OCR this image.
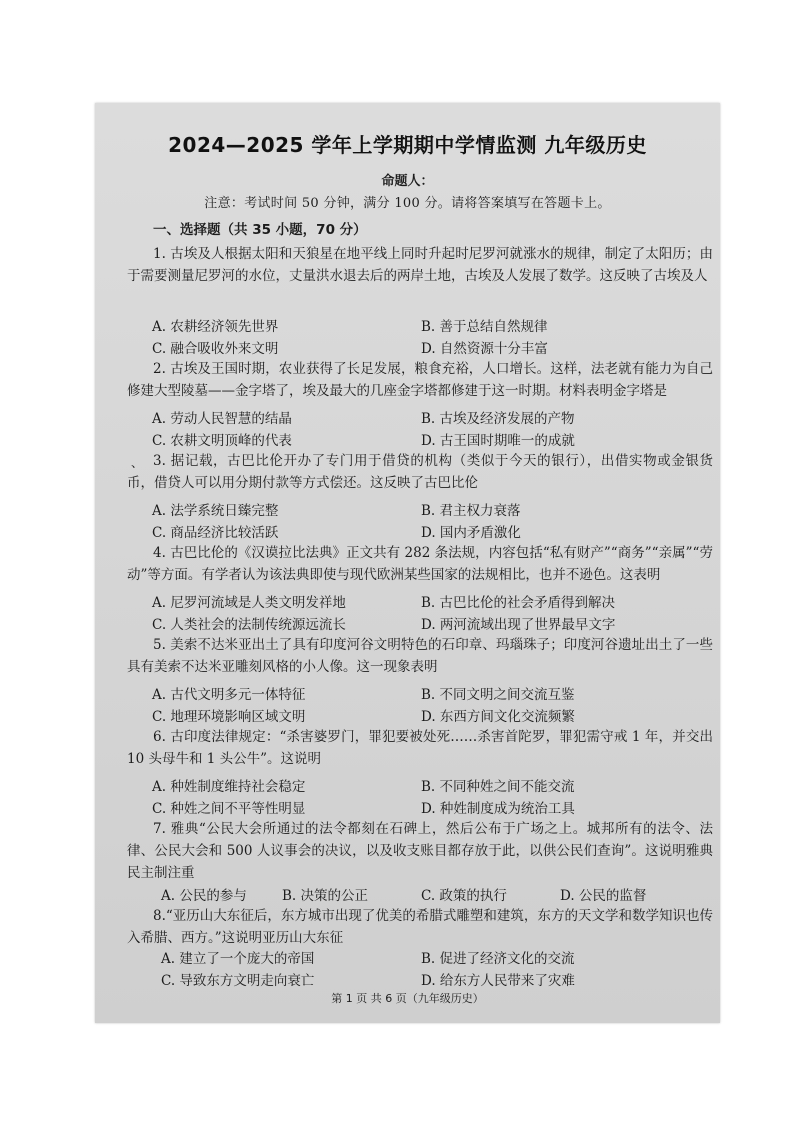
2024—2025 学年上学期期中学情监测 九年级历史
命题人：
注意：考试时间 50 分钟，满分 100 分。请将答案填写在答题卡上。
一、选择题（共 35 小题，70 分）

1. 古埃及人根据太阳和天狼星在地平线上同时升起时尼罗河就涨水的规律，制定了太阳历；由于需要测量尼罗河的水位，丈量洪水退去后的两岸土地，古埃及人发展了数学。这反映了古埃及人

A. 农耕经济领先世界	B. 善于总结自然规律
C. 融合吸收外来文明	D. 自然资源十分丰富

2. 古埃及王国时期，农业获得了长足发展，粮食充裕，人口增长。这样，法老就有能力为自己修建大型陵墓——金字塔了，埃及最大的几座金字塔都修建于这一时期。材料表明金字塔是

A. 劳动人民智慧的结晶	B. 古埃及经济发展的产物
C. 农耕文明顶峰的代表	D. 古王国时期唯一的成就
、 3. 据记载，古巴比伦开办了专门用于借贷的机构（类似于今天的银行），出借实物或金银货币，借贷人可以用分期付款等方式偿还。这反映了古巴比伦

A. 法学系统日臻完整	B. 君主权力衰落
C. 商品经济比较活跃	D. 国内矛盾激化

4. 古巴比伦的《汉谟拉比法典》正文共有 282 条法规，内容包括“私有财产”“商务”“亲属”“劳动”等方面。有学者认为该法典即使与现代欧洲某些国家的法规相比，也并不逊色。这表明

A. 尼罗河流域是人类文明发祥地	B. 古巴比伦的社会矛盾得到解决
C. 人类社会的法制传统源远流长	D. 两河流域出现了世界最早文字

5. 美索不达米亚出土了具有印度河谷文明特色的石印章、玛瑙珠子；印度河谷遗址出土了一些具有美索不达米亚雕刻风格的小人像。这一现象表明

A. 古代文明多元一体特征	B. 不同文明之间交流互鉴
C. 地理环境影响区域文明	D. 东西方间文化交流频繁

6. 古印度法律规定：“杀害婆罗门，罪犯要被处死……杀害首陀罗，罪犯需守戒 1 年，并交出 10 头母牛和 1 头公牛”。这说明

A. 种姓制度维持社会稳定	B. 不同种姓之间不能交流
C. 种姓之间不平等性明显	D. 种姓制度成为统治工具

7. 雅典“公民大会所通过的法令都刻在石碑上，然后公布于广场之上。城邦所有的法令、法律、公民大会和 500 人议事会的决议，以及收支账目都存放于此，以供公民们查询”。这说明雅典民主制注重

A. 公民的参与	B. 决策的公正	C. 政策的执行	D. 公民的监督

8.“亚历山大东征后，东方城市出现了优美的希腊式雕塑和建筑，东方的天文学和数学知识也传入希腊、西方。”这说明亚历山大东征

A. 建立了一个庞大的帝国	B. 促进了经济文化的交流
C. 导致东方文明走向衰亡	D. 给东方人民带来了灾难
第 1 页 共 6 页（九年级历史）
